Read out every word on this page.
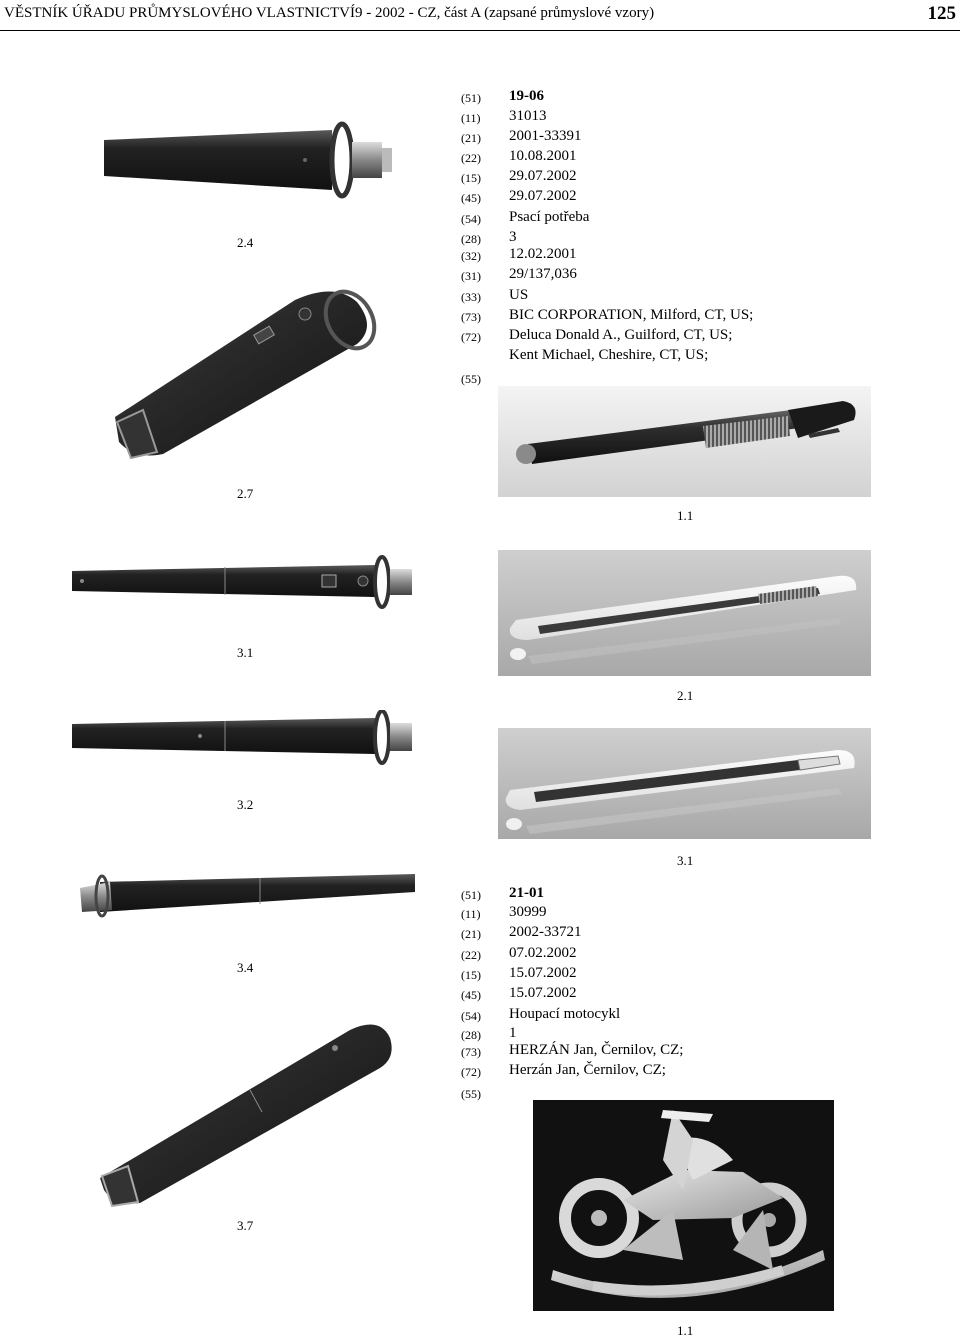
VĚSTNÍK ÚŘADU PRŮMYSLOVÉHO VLASTNICTVÍ9 - 2002 - CZ, část A (zapsané průmyslové vzory)	125
(51) 19-06
(11) 31013
(21) 2001-33391
(22) 10.08.2001
(15) 29.07.2002
(45) 29.07.2002
(54) Psací potřeba
(28) 3
(32) 12.02.2001
(31) 29/137,036
(33) US
(73) BIC CORPORATION, Milford, CT, US;
(72) Deluca Donald A., Guilford, CT, US;
Kent Michael, Cheshire, CT, US;
(55)
(51) 21-01
(11) 30999
(21) 2002-33721
(22) 07.02.2002
(15) 15.07.2002
(45) 15.07.2002
(54) Houpací motocykl
(28) 1
(73) HERZÁN Jan, Černilov, CZ;
(72) Herzán Jan, Černilov, CZ;
(55)
2.4
2.7
3.1
3.2
3.4
3.7
1.1
2.1
3.1
1.1
